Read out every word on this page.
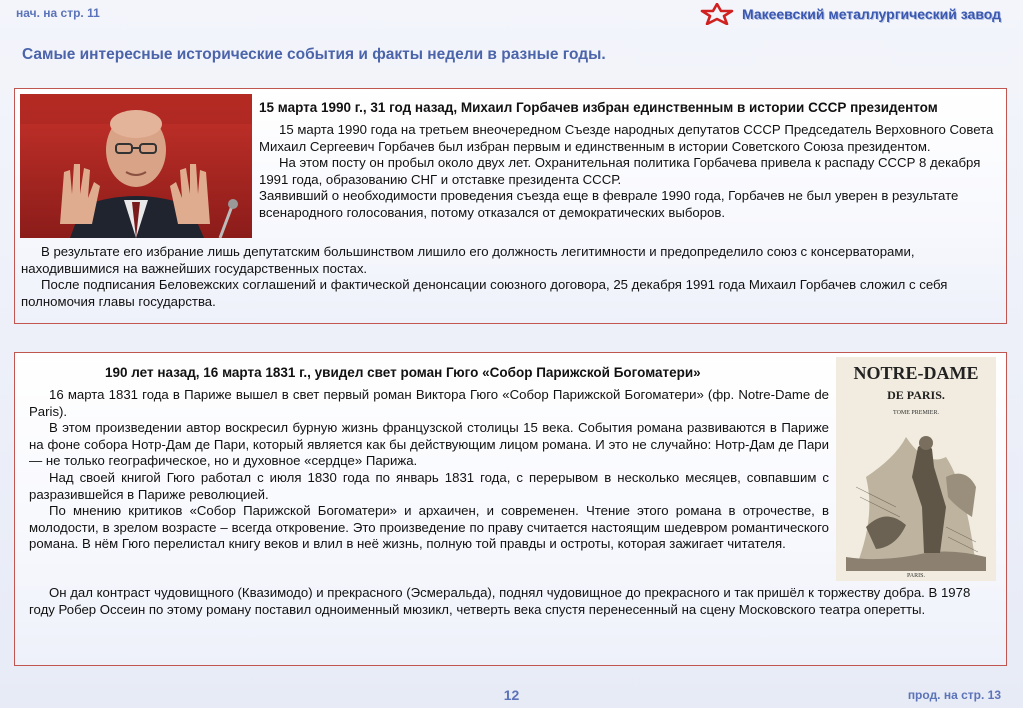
нач. на стр. 11	Макеевский металлургический завод
Самые интересные исторические события и факты недели в разные годы.
15 марта 1990 г., 31 год назад, Михаил Горбачев избран единственным в истории СССР президентом

15 марта 1990 года на третьем внеочередном Съезде народных депутатов СССР Председатель Верховного Совета Михаил Сергеевич Горбачев был избран первым и единственным в истории Советского Союза президентом.

На этом посту он пробыл около двух лет. Охранительная политика Горбачева привела к распаду СССР 8 декабря 1991 года, образованию СНГ и отставке президента СССР.

Заявивший о необходимости проведения съезда еще в феврале 1990 года, Горбачев не был уверен в результате всенародного голосования, потому отказался от демократических выборов.

В результате его избрание лишь депутатским большинством лишило его должность легитимности и предопределило союз с консерваторами, находившимися на важнейших государственных постах.

После подписания Беловежских соглашений и фактической денонсации союзного договора, 25 декабря 1991 года Михаил Горбачев сложил с себя полномочия главы государства.

190 лет назад, 16 марта 1831 г., увидел свет роман Гюго «Собор Парижской Богоматери»

16 марта 1831 года в Париже вышел в свет первый роман Виктора Гюго «Собор Парижской Богоматери» (фр. Notre-Dame de Paris).

В этом произведении автор воскресил бурную жизнь французской столицы 15 века. События романа развиваются в Париже на фоне собора Нотр-Дам де Пари, который является как бы действующим лицом романа. И это не случайно: Нотр-Дам де Пари — не только географическое, но и духовное «сердце» Парижа.

Над своей книгой Гюго работал с июля 1830 года по январь 1831 года, с перерывом в несколько месяцев, совпавшим с разразившейся в Париже революцией.

По мнению критиков «Собор Парижской Богоматери» и архаичен, и современен. Чтение этого романа в отрочестве, в молодости, в зрелом возрасте – всегда откровение. Это произведение по праву считается настоящим шедевром романтического романа. В нём Гюго перелистал книгу веков и влил в неё жизнь, полную той правды и остроты, которая зажигает читателя.

NOTRE-DAME
DE PARIS.
TOME PREMIER.
PARIS.

Он дал контраст чудовищного (Квазимодо) и прекрасного (Эсмеральда), поднял чудовищное до прекрасного и так пришёл к торжеству добра. В 1978 году Робер Оссеин по этому роману поставил одноименный мюзикл, четверть века спустя перенесенный на сцену Московского театра оперетты.

12	прод. на стр. 13
